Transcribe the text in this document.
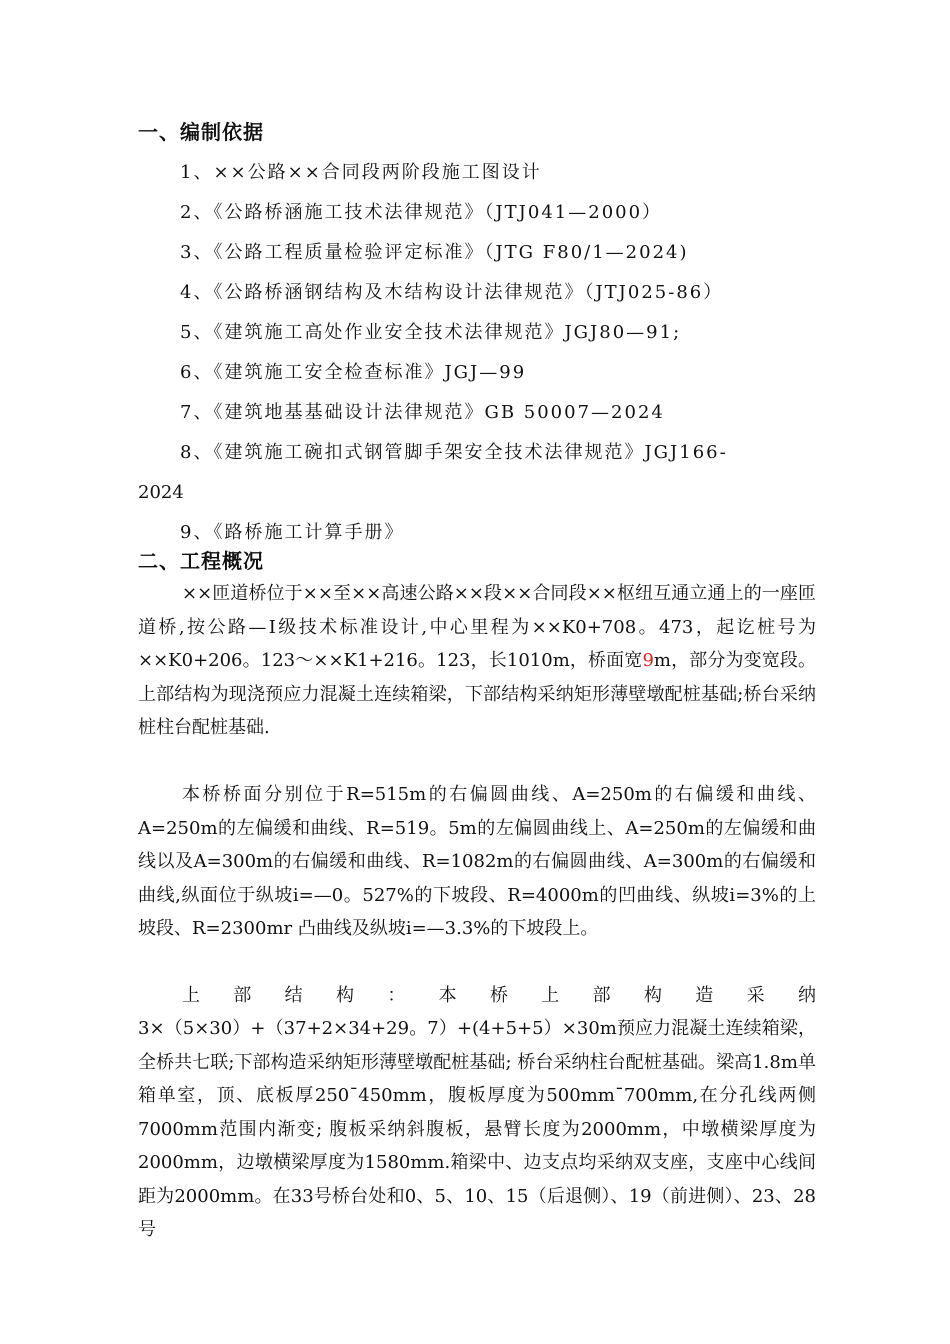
一、编制依据
1、××公路××合同段两阶段施工图设计
2、《公路桥涵施工技术法律规范》（JTJ041—2000）
3、《公路工程质量检验评定标准》（JTG F80/1—2024)
4、《公路桥涵钢结构及木结构设计法律规范》（JTJ025-86）
5、《建筑施工高处作业安全技术法律规范》JGJ80—91;
6、《建筑施工安全检查标准》JGJ—99
7、《建筑地基基础设计法律规范》GB 50007—2024
8、《建筑施工碗扣式钢管脚手架安全技术法律规范》JGJ166-
2024
9、《路桥施工计算手册》
二、工程概况
××匝道桥位于××至××高速公路××段××合同段××枢纽互通立通上的一座匝道桥,按公路—Ⅰ级技术标准设计,中心里程为××K0+708。473，起讫桩号为××K0+206。123～××K1+216。123，长1010m，桥面宽9m，部分为变宽段。上部结构为现浇预应力混凝土连续箱梁，下部结构采纳矩形薄壁墩配桩基础;桥台采纳桩柱台配桩基础.
本桥桥面分别位于R=515m的右偏圆曲线、A=250m的右偏缓和曲线、A=250m的左偏缓和曲线、R=519。5m的左偏圆曲线上、A=250m的左偏缓和曲线以及A=300m的右偏缓和曲线、R=1082m的右偏圆曲线、A=300m的右偏缓和曲线,纵面位于纵坡i=—0。527%的下坡段、R=4000m的凹曲线、纵坡i=3%的上坡段、R=2300mr 凸曲线及纵坡i=—3.3%的下坡段上。
上 部 结 构 ： 本 桥 上 部 构 造 采 纳
3×（5×30）+（37+2×34+29。7）+(4+5+5）×30m预应力混凝土连续箱梁，全桥共七联;下部构造采纳矩形薄壁墩配桩基础; 桥台采纳柱台配桩基础。梁高1.8m单箱单室，顶、底板厚250¯450mm，腹板厚度为500mm¯700mm,在分孔线两侧7000mm范围内渐变; 腹板采纳斜腹板，悬臂长度为2000mm，中墩横梁厚度为2000mm，边墩横梁厚度为1580mm.箱梁中、边支点均采纳双支座，支座中心线间距为2000mm。在33号桥台处和0、5、10、15（后退侧）、19（前进侧）、23、28号
